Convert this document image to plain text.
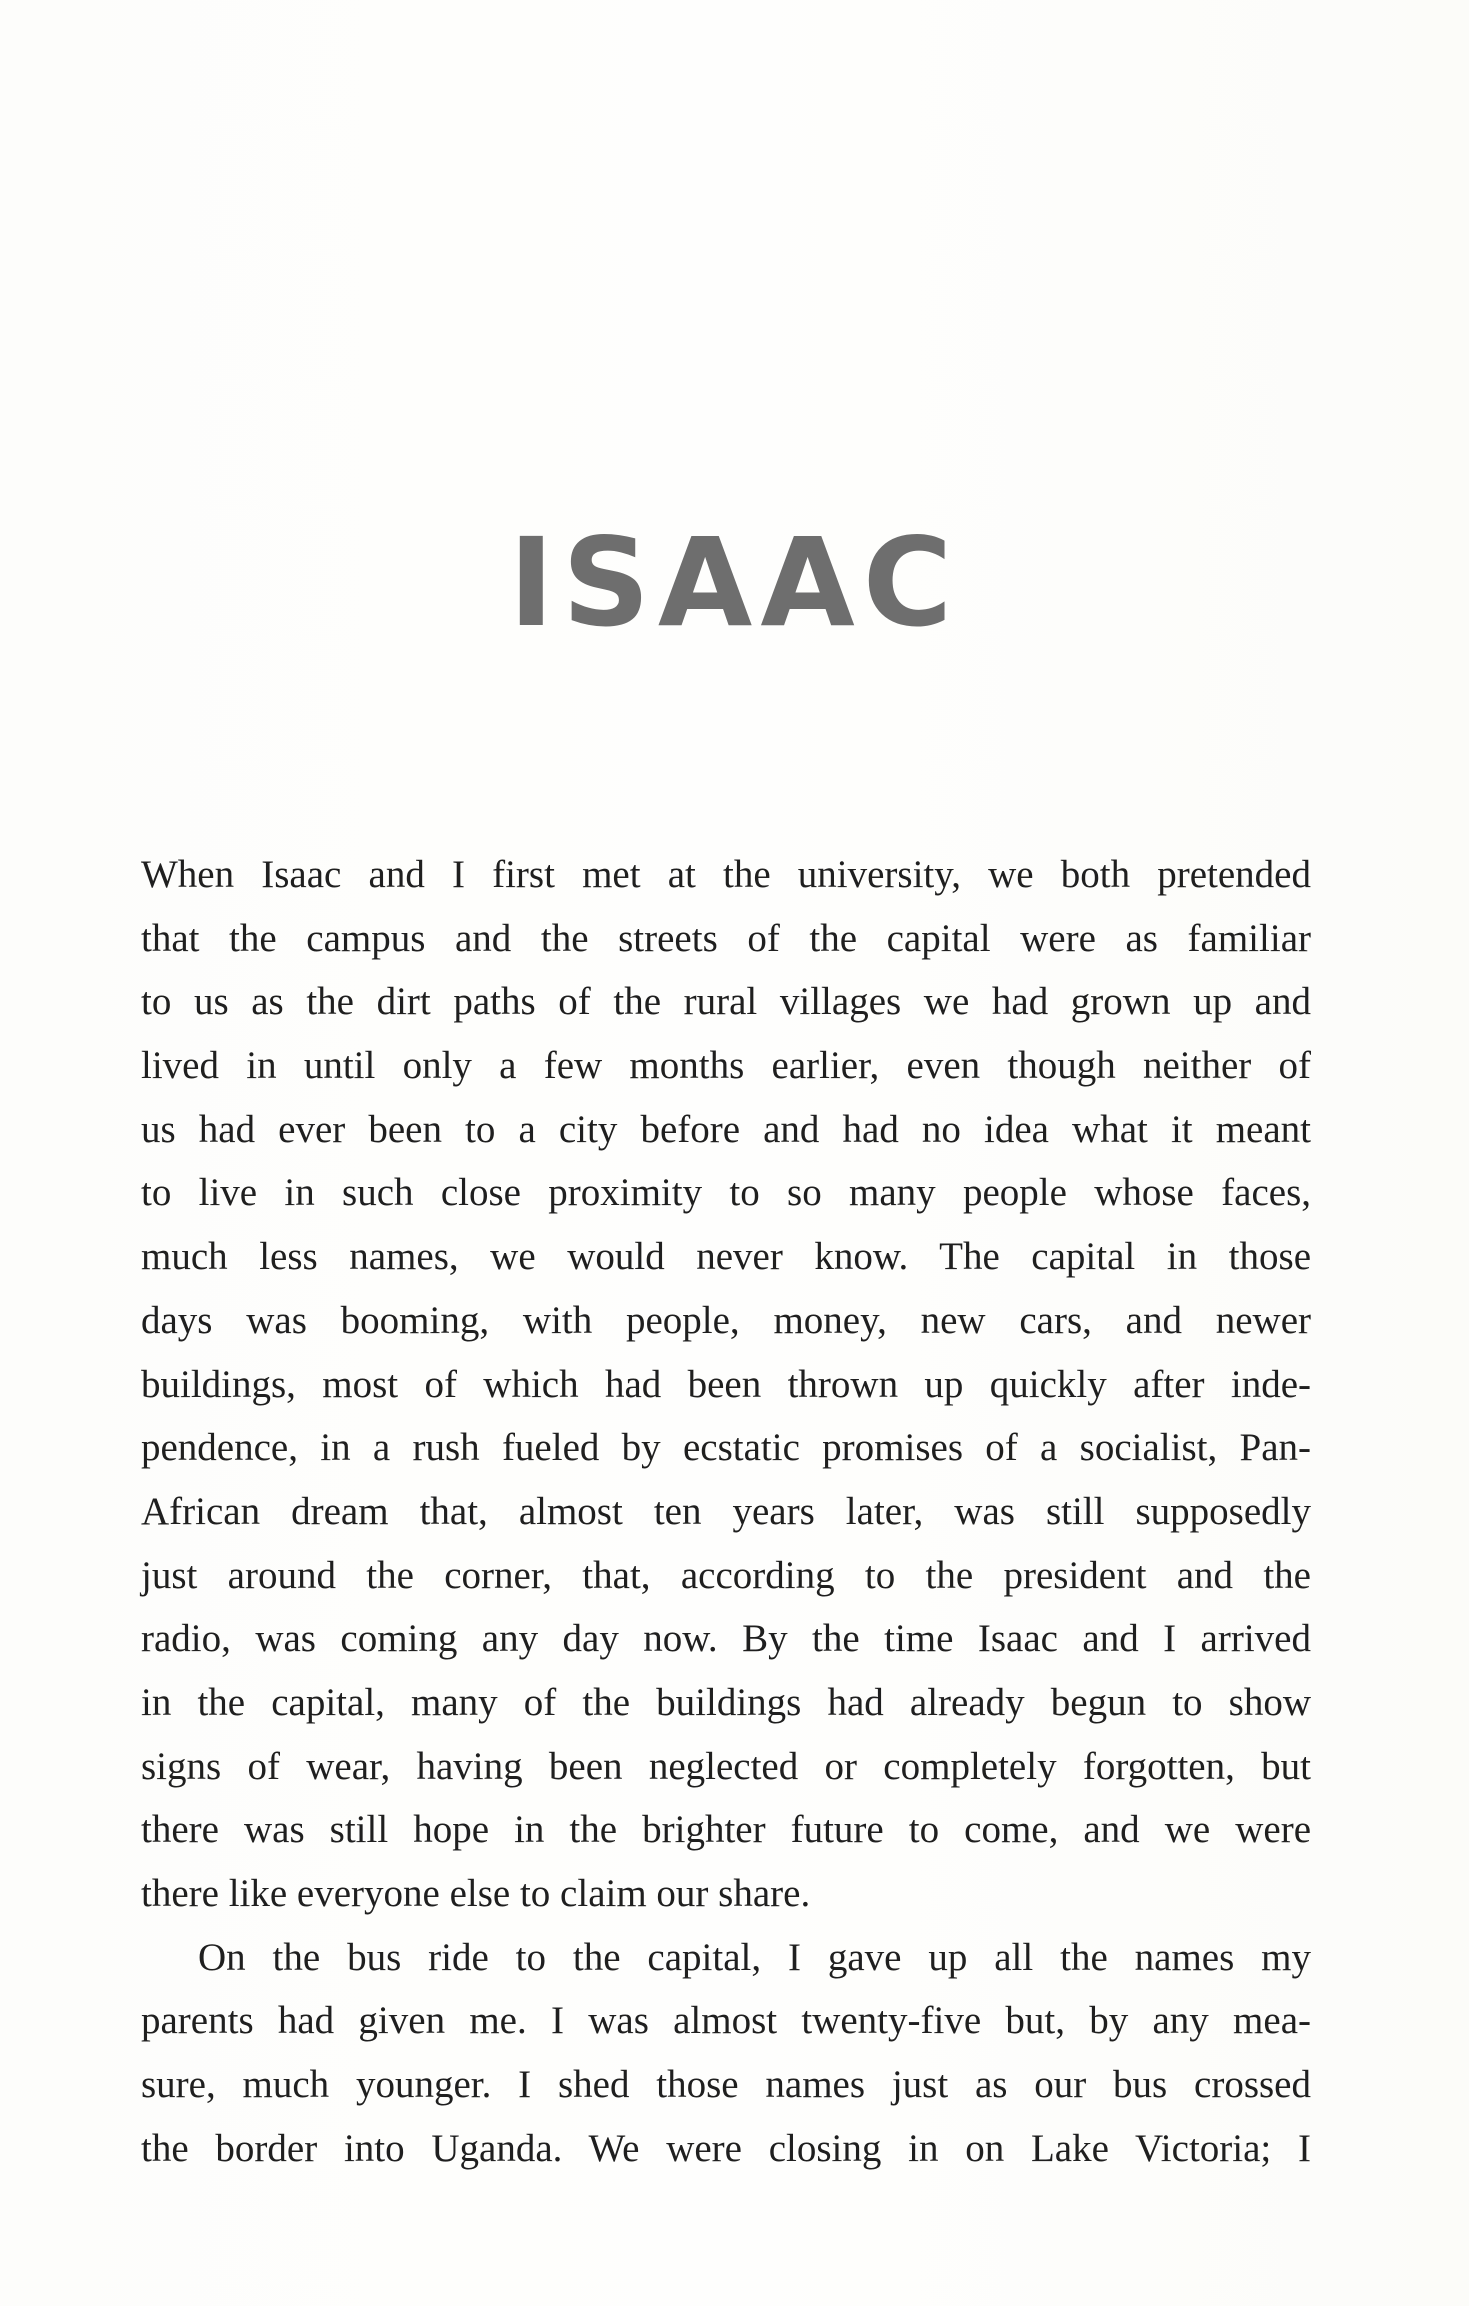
ISAAC
When Isaac and I first met at the university, we both pretended
that the campus and the streets of the capital were as familiar
to us as the dirt paths of the rural villages we had grown up and
lived in until only a few months earlier, even though neither of
us had ever been to a city before and had no idea what it meant
to live in such close proximity to so many people whose faces,
much less names, we would never know. The capital in those
days was booming, with people, money, new cars, and newer
buildings, most of which had been thrown up quickly after inde-
pendence, in a rush fueled by ecstatic promises of a socialist, Pan-
African dream that, almost ten years later, was still supposedly
just around the corner, that, according to the president and the
radio, was coming any day now. By the time Isaac and I arrived
in the capital, many of the buildings had already begun to show
signs of wear, having been neglected or completely forgotten, but
there was still hope in the brighter future to come, and we were
there like everyone else to claim our share.
On the bus ride to the capital, I gave up all the names my
parents had given me. I was almost twenty-five but, by any mea-
sure, much younger. I shed those names just as our bus crossed
the border into Uganda. We were closing in on Lake Victoria; I
